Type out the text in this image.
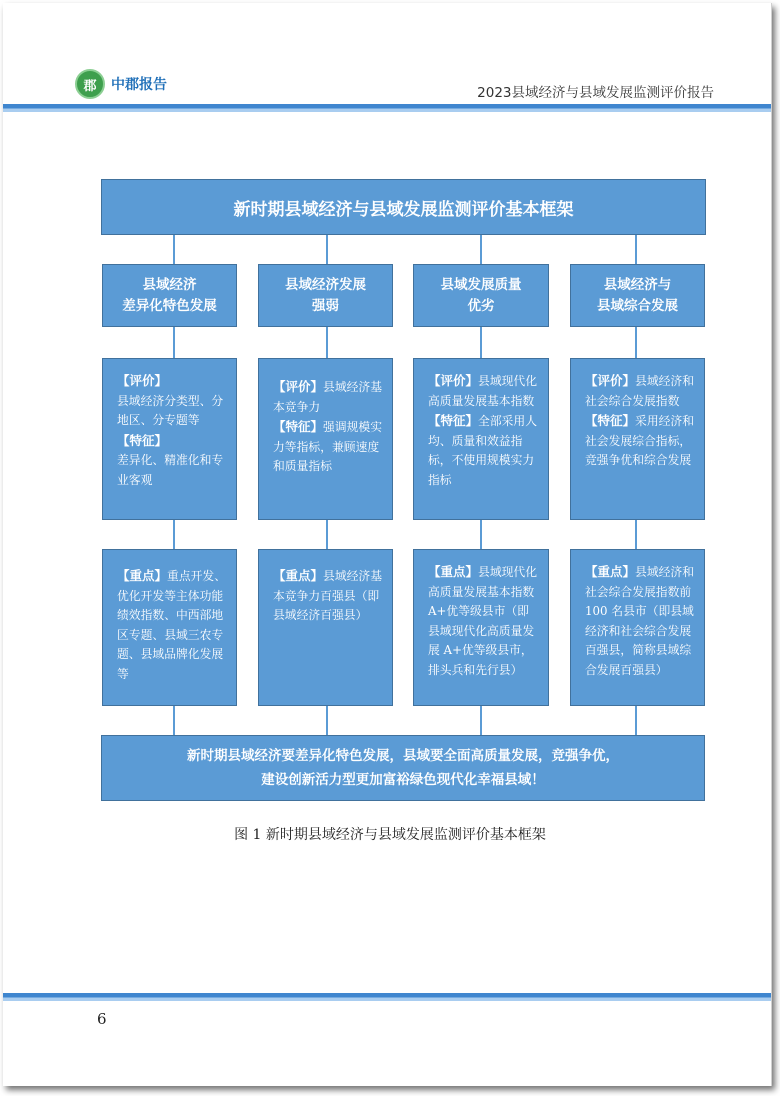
郡	中郡报告	2023县域经济与县域发展监测评价报告
新时期县域经济与县域发展监测评价基本框架
县域经济
差异化特色发展
县域经济发展
强弱
县域发展质量
优劣
县域经济与
县域综合发展
【评价】
县域经济分类型、分地区、分专题等
【特征】
差异化、精准化和专业客观
【评价】县域经济基本竞争力
【特征】强调规模实力等指标，兼顾速度和质量指标
【评价】县域现代化高质量发展基本指数
【特征】全部采用人均、质量和效益指标，不使用规模实力指标
【评价】县域经济和社会综合发展指数
【特征】采用经济和社会发展综合指标，竞强争优和综合发展
【重点】重点开发、优化开发等主体功能绩效指数、中西部地区专题、县域三农专题、县域品牌化发展等
【重点】县域经济基本竞争力百强县（即县域经济百强县）
【重点】县域现代化高质量发展基本指数 A+优等级县市（即县域现代化高质量发展 A+优等级县市，排头兵和先行县）
【重点】县域经济和社会综合发展指数前 100 名县市（即县域经济和社会综合发展百强县，简称县域综合发展百强县）
新时期县域经济要差异化特色发展，县域要全面高质量发展，竞强争优，
建设创新活力型更加富裕绿色现代化幸福县域！
图 1 新时期县域经济与县域发展监测评价基本框架
6
